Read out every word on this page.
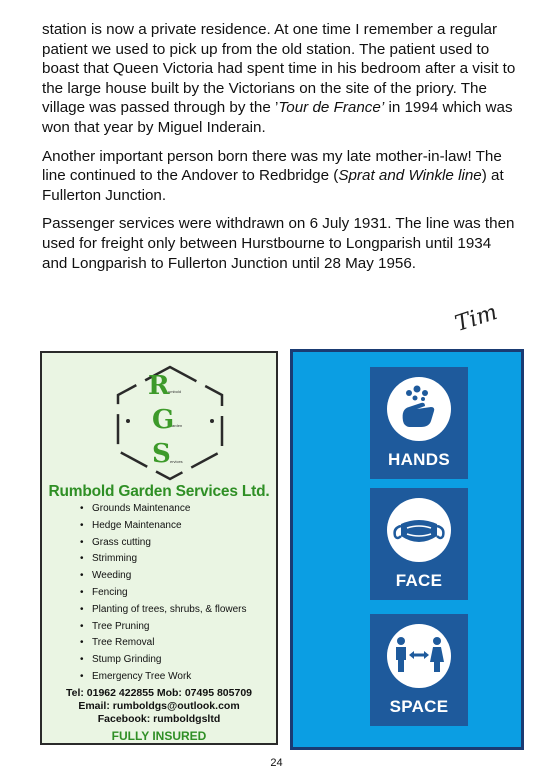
station is now a private residence. At one time I remember a regular patient we used to pick up from the old station. The patient used to boast that Queen Victoria had spent time in his bedroom after a visit to the large house built by the Victorians on the site of the priory. The village was passed through by the ’Tour de France’ in 1994 which was won that year by Miguel Inderain.

Another important person born there was my late mother-in-law! The line continued to the Andover to Redbridge (Sprat and Winkle line) at Fullerton Junction.

Passenger services were withdrawn on 6 July 1931. The line was then used for freight only between Hurstbourne to Longparish until 1934 and Longparish to Fullerton Junction until 28 May 1956.

Tim
R
umbold
G
arden
S ervices
Rumbold Garden Services Ltd.
• Grounds Maintenance
• Hedge Maintenance
• Grass cutting
• Strimming
• Weeding
• Fencing
• Planting of trees, shrubs, & flowers
• Tree Pruning
• Tree Removal
• Stump Grinding
• Emergency Tree Work
Tel: 01962 422855 Mob: 07495 805709
Email: rumboldgs@outlook.com
Facebook: rumboldgsltd
FULLY INSURED
HANDS
FACE
SPACE
24
